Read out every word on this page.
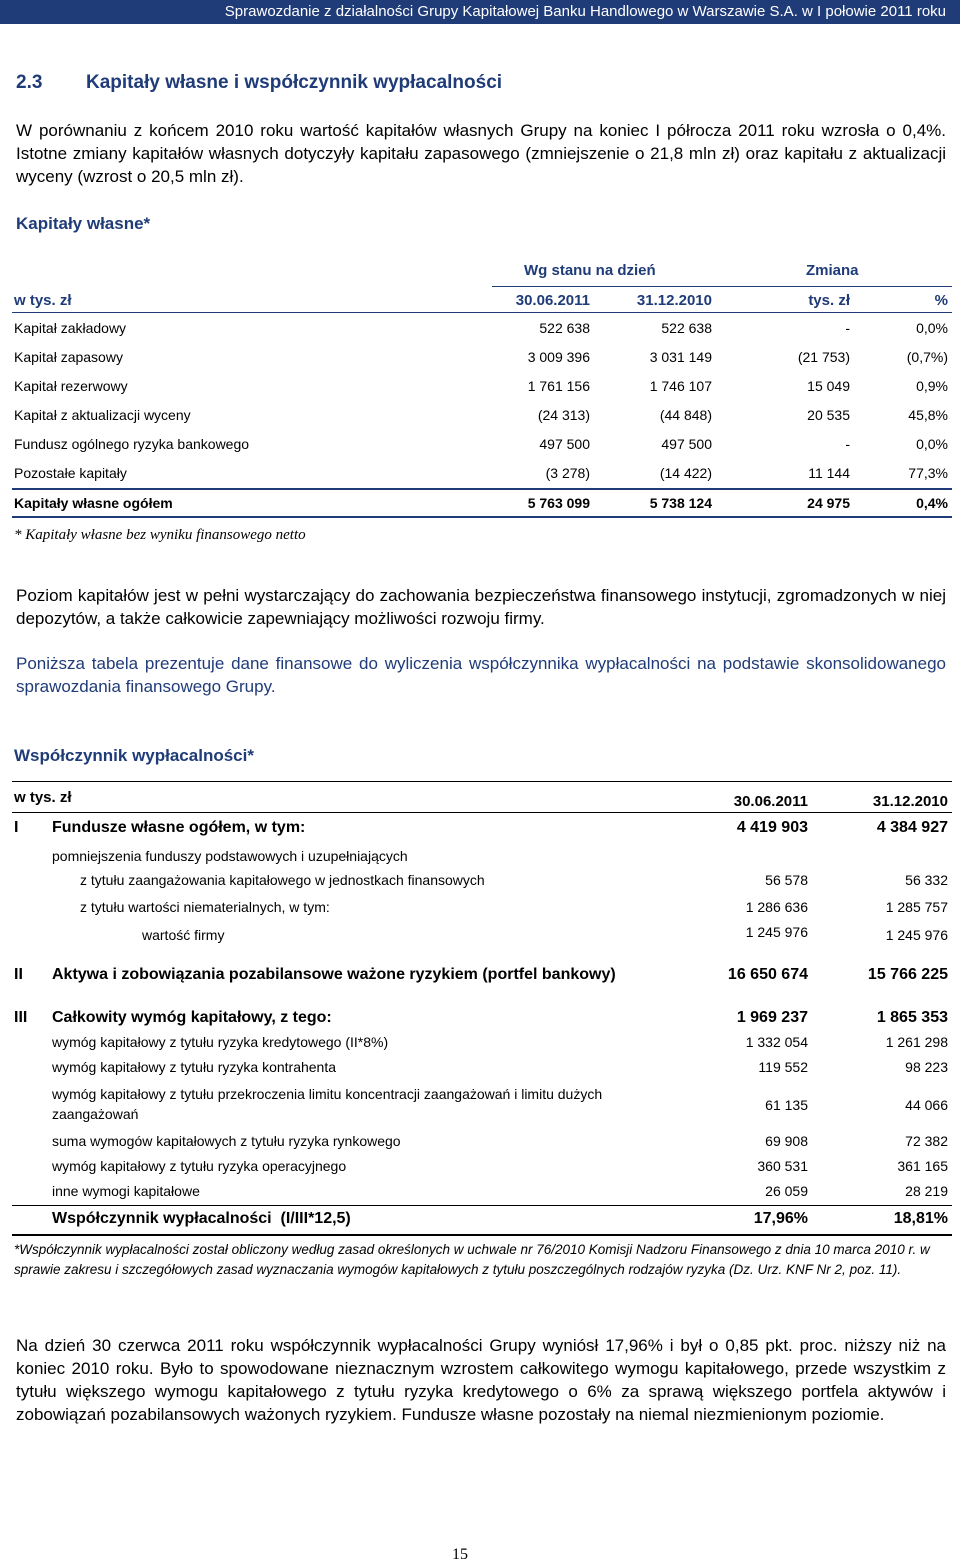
Sprawozdanie z działalności Grupy Kapitałowej Banku Handlowego w Warszawie S.A. w I połowie 2011 roku
2.3 Kapitały własne i współczynnik wypłacalności
W porównaniu z końcem 2010 roku wartość kapitałów własnych Grupy na koniec I półrocza 2011 roku wzrosła o 0,4%. Istotne zmiany kapitałów własnych dotyczyły kapitału zapasowego (zmniejszenie o 21,8 mln zł) oraz kapitału z aktualizacji wyceny (wzrost o 20,5 mln zł).
Kapitały własne*
Wg stanu na dzień	Zmiana
w tys. zł	30.06.2011	31.12.2010	tys. zł	%
Kapitał zakładowy	522 638	522 638	-	0,0%
Kapitał zapasowy	3 009 396	3 031 149	(21 753)	(0,7%)
Kapitał rezerwowy	1 761 156	1 746 107	15 049	0,9%
Kapitał z aktualizacji wyceny	(24 313)	(44 848)	20 535	45,8%
Fundusz ogólnego ryzyka bankowego	497 500	497 500	-	0,0%
Pozostałe kapitały	(3 278)	(14 422)	11 144	77,3%
Kapitały własne ogółem	5 763 099	5 738 124	24 975	0,4%
* Kapitały własne bez wyniku finansowego netto
Poziom kapitałów jest w pełni wystarczający do zachowania bezpieczeństwa finansowego instytucji, zgromadzonych w niej depozytów, a także całkowicie zapewniający możliwości rozwoju firmy.
Poniższa tabela prezentuje dane finansowe do wyliczenia współczynnika wypłacalności na podstawie skonsolidowanego sprawozdania finansowego Grupy.
Współczynnik wypłacalności*
w tys. zł	30.06.2011	31.12.2010
I Fundusze własne ogółem, w tym:	4 419 903	4 384 927
pomniejszenia funduszy podstawowych i uzupełniających
z tytułu zaangażowania kapitałowego w jednostkach finansowych	56 578	56 332
z tytułu wartości niematerialnych, w tym:	1 286 636	1 285 757
wartość firmy	1 245 976	1 245 976
II Aktywa i zobowiązania pozabilansowe ważone ryzykiem (portfel bankowy)	16 650 674	15 766 225
III Całkowity wymóg kapitałowy, z tego:	1 969 237	1 865 353
wymóg kapitałowy z tytułu ryzyka kredytowego (II*8%)	1 332 054	1 261 298
wymóg kapitałowy z tytułu ryzyka kontrahenta	119 552	98 223
wymóg kapitałowy z tytułu przekroczenia limitu koncentracji zaangażowań i limitu dużych
zaangażowań
61 135	44 066
suma wymogów kapitałowych z tytułu ryzyka rynkowego	69 908	72 382
wymóg kapitałowy z tytułu ryzyka operacyjnego	360 531	361 165
inne wymogi kapitałowe	26 059	28 219
Współczynnik wypłacalności  (I/III*12,5)	17,96%	18,81%
*Współczynnik wypłacalności został obliczony według zasad określonych w uchwale nr 76/2010 Komisji Nadzoru Finansowego z dnia 10 marca 2010 r. w sprawie zakresu i szczegółowych zasad wyznaczania wymogów kapitałowych z tytułu poszczególnych rodzajów ryzyka (Dz. Urz. KNF Nr 2, poz. 11).
Na dzień 30 czerwca 2011 roku współczynnik wypłacalności Grupy wyniósł 17,96% i był o 0,85 pkt. proc. niższy niż na koniec 2010 roku. Było to spowodowane nieznacznym wzrostem całkowitego wymogu kapitałowego, przede wszystkim z tytułu większego wymogu kapitałowego z tytułu ryzyka kredytowego o 6% za sprawą większego portfela aktywów i zobowiązań pozabilansowych ważonych ryzykiem. Fundusze własne pozostały na niemal niezmienionym poziomie.
15
